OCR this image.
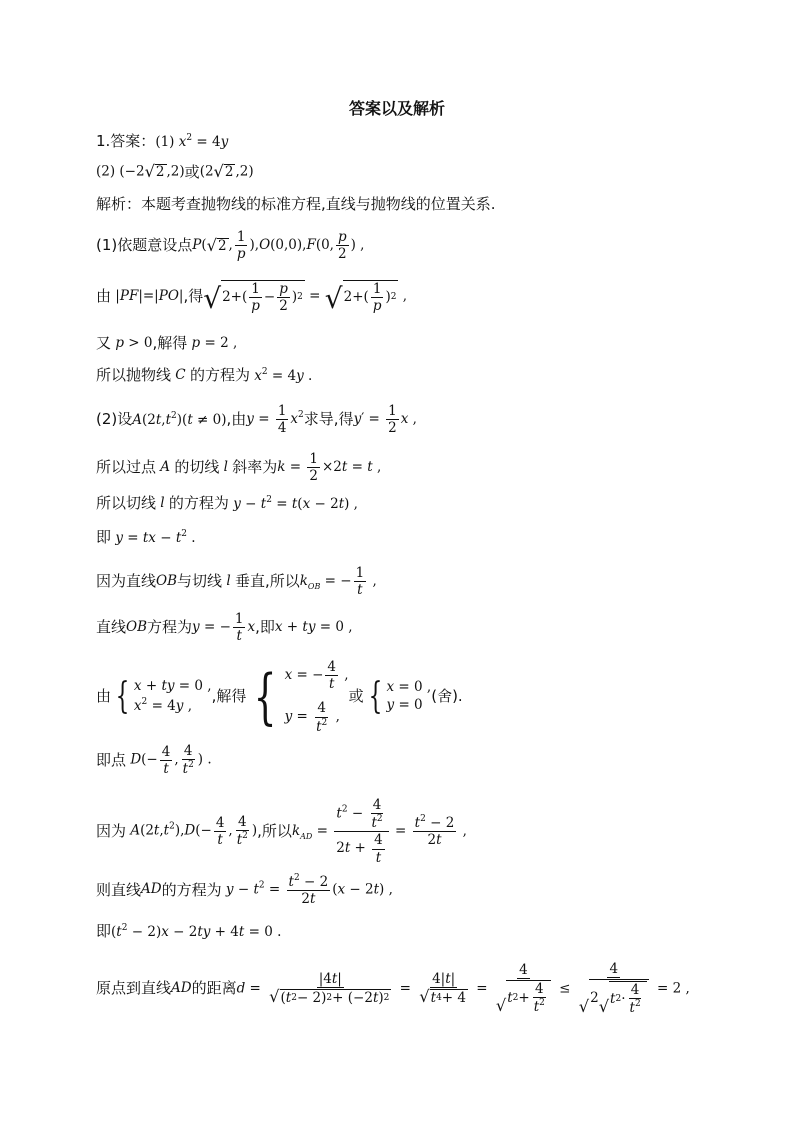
答案以及解析
1.答案： (1) $x^2 = 4y$
(2) (−2 √ 2 ,2) 或 (2 √ 2 ,2)
解析：本题考查抛物线的标准方程,直线与抛物线的位置关系.
(1)依题意设点 P( √ 2 , $\frac{1}{p} ),O(0,0),F(0$, $\frac{p}{2}$ ) ,
由 |PF|=|PO| ,得 √ $2+( \frac{1}{p} - \frac{p}{2}$ ) 2 = √ $2+( \frac{1}{p}$ ) 2 ,
又 p > 0 ,解得 p = 2 ,
所以抛物线 C 的方程为 $x^2 = 4y$ .
(2)设 $A(2t,t^2)(t \ne 0)$ ,由 $y = \frac{1}{4} x^2$ 求导,得 $y' = \frac{1}{2}$ x ,
所以过点 A 的切线 l 斜率为 $k = \frac{1}{2} \times 2t = t$ ,
所以切线 l 的方程为 $y - t^2 = t(x - 2t)$ ,
即 y = tx − $t^2$ .
因为直线 OB 与切线 l 垂直,所以 $k_{OB}$ = − $\frac{1}{t}$ ,
直线 OB 方程为 y = − $\frac{1}{t}$ x ,即 x + ty = 0 ,
由 { x + ty = 0 ,
$x^2 = 4y$ ,
,解得 { x = − $\frac{4}{t}$ ,
$y = \frac{4}{t^2}$ ,
或 { x = 0 ,
y = 0 (舍).
即点 $D(- \frac{4}{t}$ , $\frac{4}{t^2}$ ) .
因为 $A(2t,t^2),D(- \frac{4}{t}$ , $\frac{4}{t^2}$ ) ,所以 $k_{AD} = \frac{t^2 - \frac{4}{t^2}}{2t + \frac{4}{t}} = \frac{t^2 - 2}{2t}$ ,
则直线 AD 的方程为 $y - t^2 = \frac{t^2 - 2}{2t} (x - 2t)$ ,
即 $(t^2 - 2)x - 2ty + 4t = 0$ .
原点到直线 AD 的距离 $d = \frac{|4t|}{√ ( t 2 - 2) 2 + (-2 t ) 2} = \frac{4|t|}{√ t 4 + 4} = \frac{4}{√ t 2 + \frac{4}{t^2}} \le \frac{4}{√ 2 √ t 2 \cdot \frac{4}{t^2}} = 2$ ,
